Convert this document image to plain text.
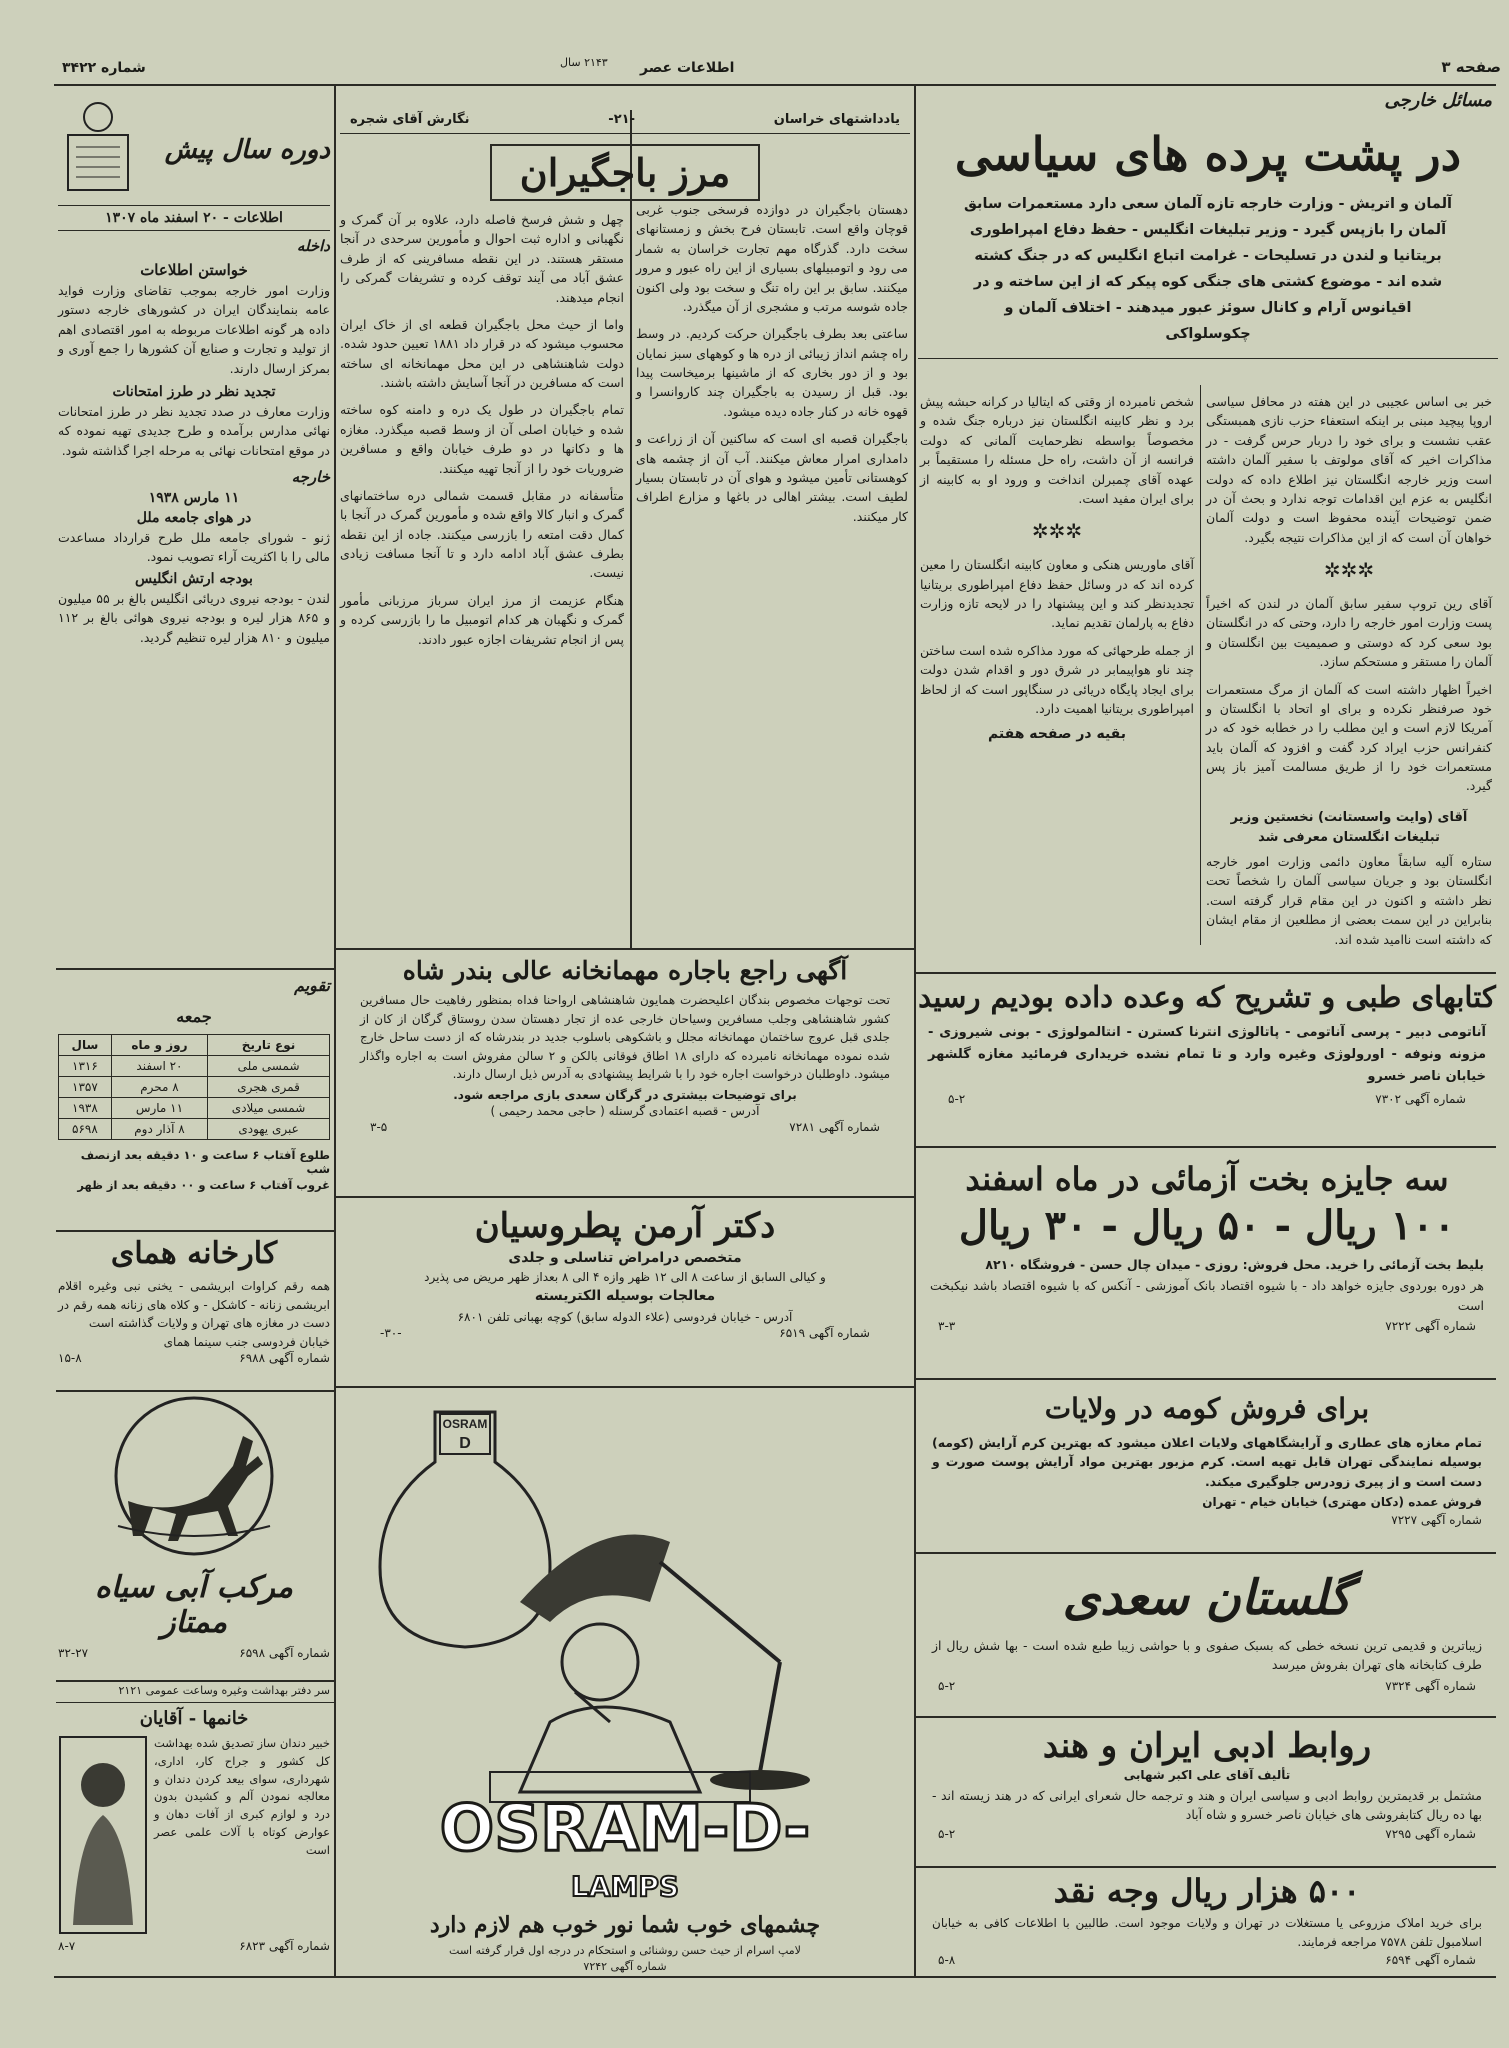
صفحه ۳
اطلاعات عصر
۲۱۴۳ سال
شماره ۳۴۲۲
مسائل خارجی
در پشت پرده های سیاسی
آلمان و اتریش - وزارت خارجه تازه آلمان سعی دارد مستعمرات سابق آلمان را بازپس گیرد - وزیر تبلیغات انگلیس - حفظ دفاع امپراطوری بریتانیا و لندن در تسلیحات - غرامت اتباع انگلیس که در جنگ کشته شده اند - موضوع کشتی های جنگی کوه پیکر که از این ساخته و در اقیانوس آرام و کانال سوئز عبور میدهند - اختلاف آلمان و چکوسلواکی
خبر بی اساس عجیبی در این هفته در محافل سیاسی اروپا پیچید مبنی بر اینکه استعفاء حزب نازی همبستگی عقب نشست و برای خود را دربار حرس گرفت - در مذاکرات اخیر که آقای مولوتف با سفیر آلمان داشته است وزیر خارجه انگلستان نیز اطلاع داده که دولت انگلیس به عزم این اقدامات توجه ندارد و بحث آن در ضمن توضیحات آینده محفوظ است و دولت آلمان خواهان آن است که از این مذاکرات نتیجه بگیرد.
✲✲✲
آقای رین تروپ سفیر سابق آلمان در لندن که اخیراً پست وزارت امور خارجه را دارد، وحتی که در انگلستان بود سعی کرد که دوستی و صمیمیت بین انگلستان و آلمان را مستقر و مستحکم سازد.
اخیراً اظهار داشته است که آلمان از مرگ مستعمرات خود صرفنظر نکرده و برای او اتحاد با انگلستان و آمریکا لازم است و این مطلب را در خطابه خود که در کنفرانس حزب ایراد کرد گفت و افزود که آلمان باید مستعمرات خود را از طریق مسالمت آمیز باز پس گیرد.
آقای (وایت واسستانت) نخستین وزیر تبلیغات انگلستان معرفی شد
ستاره آلیه سابقاً معاون دائمی وزارت امور خارجه انگلستان بود و جریان سیاسی آلمان را شخصاً تحت نظر داشته و اکنون در این مقام قرار گرفته است. بنابراین در این سمت بعضی از مطلعین از مقام ایشان که داشته است ناامید شده اند.
شخص نامبرده از وقتی که ایتالیا در کرانه حبشه پیش برد و نظر کابینه انگلستان نیز درباره جنگ شده و مخصوصاً بواسطه نظرحمایت آلمانی که دولت فرانسه از آن داشت، راه حل مسئله را مستقیماً بر عهده آقای چمبرلن انداخت و ورود او به کابینه از برای ایران مفید است.
✲✲✲
آقای ماوریس هنکی و معاون کابینه انگلستان را معین کرده اند که در وسائل حفظ دفاع امپراطوری بریتانیا تجدیدنظر کند و این پیشنهاد را در لایحه تازه وزارت دفاع به پارلمان تقدیم نماید.
از جمله طرحهائی که مورد مذاکره شده است ساختن چند ناو هواپیمابر در شرق دور و اقدام شدن دولت برای ایجاد پایگاه دریائی در سنگاپور است که از لحاظ امپراطوری بریتانیا اهمیت دارد.
بقیه در صفحه هفتم
کتابهای طبی و تشریح که وعده داده بودیم رسید
آناتومی دبیر - پرسی آناتومی - پاتالوژی انترنا کسترن - انتالمولوژی - بونی شیروزی - مزونه ونوفه - اورولوژی وغیره وارد و تا تمام نشده خریداری فرمائید مغازه گلشهر خیابان ناصر خسرو
شماره آگهی ۷۳۰۲
۵-۲
سه جایزه بخت آزمائی در ماه اسفند
۱۰۰ ریال - ۵۰ ریال - ۳۰ ریال
بلیط بخت آزمائی را خرید. محل فروش: روزی - میدان چال حسن - فروشگاه ۸۲۱۰
هر دوره بوردوی جایزه خواهد داد - با شیوه اقتصاد بانک آموزشی - آنکس که با شیوه اقتصاد باشد نیکبخت است
شماره آگهی ۷۲۲۲
۳-۳
برای فروش کومه در ولایات
تمام مغازه های عطاری و آرایشگاههای ولایات اعلان میشود که بهترین کرم آرایش (کومه) بوسیله نمایندگی تهران قابل تهیه است. کرم مزبور بهترین مواد آرایش پوست صورت و دست است و از پیری زودرس جلوگیری میکند.
فروش عمده (دکان مهتری) خیابان خیام - تهران
شماره آگهی ۷۲۲۷
گلستان سعدی
زیباترین و قدیمی ترین نسخه خطی که بسبک صفوی و با حواشی زیبا طبع شده است - بها شش ریال از طرف کتابخانه های تهران بفروش میرسد
شماره آگهی ۷۳۲۴
۵-۲
روابط ادبی ایران و هند
تألیف آقای علی اکبر شهابی
مشتمل بر قدیمترین روابط ادبی و سیاسی ایران و هند و ترجمه حال شعرای ایرانی که در هند زیسته اند - بها ده ریال کتابفروشی های خیابان ناصر خسرو و شاه آباد
شماره آگهی ۷۲۹۵
۵-۲
۵۰۰ هزار ریال وجه نقد
برای خرید املاک مزروعی یا مستغلات در تهران و ولایات موجود است. طالبین با اطلاعات کافی به خیابان اسلامبول تلفن ۷۵۷۸ مراجعه فرمایند.
شماره آگهی ۶۵۹۴
۵-۸
یادداشتهای خراسان
-۲۱-
نگارش آقای شجره
مرز باجگیران
دهستان باجگیران در دوازده فرسخی جنوب غربی قوچان واقع است. تابستان فرح بخش و زمستانهای سخت دارد. گذرگاه مهم تجارت خراسان به شمار می رود و اتومبیلهای بسیاری از این راه عبور و مرور میکنند. سابق بر این راه تنگ و سخت بود ولی اکنون جاده شوسه مرتب و مشجری از آن میگذرد.
ساعتی بعد بطرف باجگیران حرکت کردیم. در وسط راه چشم انداز زیبائی از دره ها و کوههای سبز نمایان بود و از دور بخاری که از ماشینها برمیخاست پیدا بود. قبل از رسیدن به باجگیران چند کاروانسرا و قهوه خانه در کنار جاده دیده میشود.
باجگیران قصبه ای است که ساکنین آن از زراعت و دامداری امرار معاش میکنند. آب آن از چشمه های کوهستانی تأمین میشود و هوای آن در تابستان بسیار لطیف است. بیشتر اهالی در باغها و مزارع اطراف کار میکنند.
چهل و شش فرسخ فاصله دارد، علاوه بر آن گمرک و نگهبانی و اداره ثبت احوال و مأمورین سرحدی در آنجا مستقر هستند. در این نقطه مسافرینی که از طرف عشق آباد می آیند توقف کرده و تشریفات گمرکی را انجام میدهند.
واما از حیث محل باجگیران قطعه ای از خاک ایران محسوب میشود که در قرار داد ۱۸۸۱ تعیین حدود شده. دولت شاهنشاهی در این محل مهمانخانه ای ساخته است که مسافرین در آنجا آسایش داشته باشند.
تمام باجگیران در طول یک دره و دامنه کوه ساخته شده و خیابان اصلی آن از وسط قصبه میگذرد. مغازه ها و دکانها در دو طرف خیابان واقع و مسافرین ضروریات خود را از آنجا تهیه میکنند.
متأسفانه در مقابل قسمت شمالی دره ساختمانهای گمرک و انبار کالا واقع شده و مأمورین گمرک در آنجا با کمال دقت امتعه را بازرسی میکنند. جاده از این نقطه بطرف عشق آباد ادامه دارد و تا آنجا مسافت زیادی نیست.
هنگام عزیمت از مرز ایران سرباز مرزبانی مأمور گمرک و نگهبان هر کدام اتومبیل ما را بازرسی کرده و پس از انجام تشریفات اجازه عبور دادند.
آگهی راجع باجاره مهمانخانه عالی بندر شاه
تحت توجهات مخصوص بندگان اعلیحضرت همایون شاهنشاهی ارواحنا فداه بمنظور رفاهیت حال مسافرین کشور شاهنشاهی وجلب مسافرین وسیاحان خارجی عده از تجار دهستان سدن روستاق گرگان از کان از جلدی قبل عروج ساختمان مهمانخانه مجلل و باشکوهی باسلوب جدید در بندرشاه که از دست ساحل خارج شده نموده مهمانخانه نامبرده که دارای ۱۸ اطاق فوقانی بالکن و ۲ سالن مفروش است به اجاره واگذار میشود. داوطلبان درخواست اجاره خود را با شرایط پیشنهادی به آدرس ذیل ارسال دارند.
برای توضیحات بیشتری در گرگان سعدی بازی مراجعه شود.
آدرس - قصبه اعتمادی گرسنله ( حاجی محمد رحیمی )
شماره آگهی ۷۲۸۱
۳-۵
دکتر آرمن پطروسیان
متخصص درامراض تناسلی و جلدی
و کیالی السابق از ساعت ۸ الی ۱۲ ظهر وازه ۴ الی ۸ بعداز ظهر مریض می پذیرد
معالجات بوسیله الکتریسته
آدرس - خیابان فردوسی (علاء الدوله سابق) کوچه بهبانی تلفن ۶۸۰۱
شماره آگهی ۶۵۱۹
-۳۰-
OSRAM
D
OSRAM-D-
LAMPS
چشمهای خوب شما نور خوب هم لازم دارد
لامپ اسرام از حیث حسن روشنائی و استحکام در درجه اول قرار گرفته است
شماره آگهی ۷۲۴۲
دوره سال پیش
اطلاعات - ۲۰ اسفند ماه ۱۳۰۷
داخله
خواستن اطلاعات
وزارت امور خارجه بموجب تقاضای وزارت فواید عامه بنمایندگان ایران در کشورهای خارجه دستور داده هر گونه اطلاعات مربوطه به امور اقتصادی اهم از تولید و تجارت و صنایع آن کشورها را جمع آوری و بمرکز ارسال دارند.
تجدید نظر در طرز امتحانات
وزارت معارف در صدد تجدید نظر در طرز امتحانات نهائی مدارس برآمده و طرح جدیدی تهیه نموده که در موقع امتحانات نهائی به مرحله اجرا گذاشته شود.
خارجه
۱۱ مارس ۱۹۳۸
در هوای جامعه ملل
ژنو - شورای جامعه ملل طرح قرارداد مساعدت مالی را با اکثریت آراء تصویب نمود.
بودجه ارتش انگلیس
لندن - بودجه نیروی دریائی انگلیس بالغ بر ۵۵ میلیون و ۸۶۵ هزار لیره و بودجه نیروی هوائی بالغ بر ۱۱۲ میلیون و ۸۱۰ هزار لیره تنظیم گردید.
تقویم
جمعه
نوع تاریخ	روز و ماه	سال
شمسی ملی	۲۰ اسفند	۱۳۱۶
قمری هجری	۸ محرم	۱۳۵۷
شمسی میلادی	۱۱ مارس	۱۹۳۸
عبری یهودی	۸ آذار دوم	۵۶۹۸
طلوع آفتاب ۶ ساعت و ۱۰ دقیقه بعد ازنصف شب
غروب آفتاب ۶ ساعت و ۰۰ دقیقه بعد از ظهر
کارخانه همای
همه رقم کراوات ابریشمی - یخنی نبی وغیره اقلام ابریشمی زنانه - کاشکل - و کلاه های زنانه همه رقم در دست در مغازه های تهران و ولایات گذاشته است
خیابان فردوسی جنب سینما همای
شماره آگهی ۶۹۸۸
۱۵-۸
مرکب آبی سیاه ممتاز
شماره آگهی ۶۵۹۸
۳۲-۲۷
سر دفتر بهداشت وغیره وساعت عمومی ۲۱۲۱
خانمها - آقایان
خبیر دندان ساز تصدیق شده بهداشت کل کشور و جراح کار، اداری، شهرداری، سوای بیعد کردن دندان و معالجه نمودن آلم و کشیدن بدون درد و لوازم کبری از آفات دهان و عوارض کوتاه با آلات علمی عصر است
شماره آگهی ۶۸۲۳
۸-۷
